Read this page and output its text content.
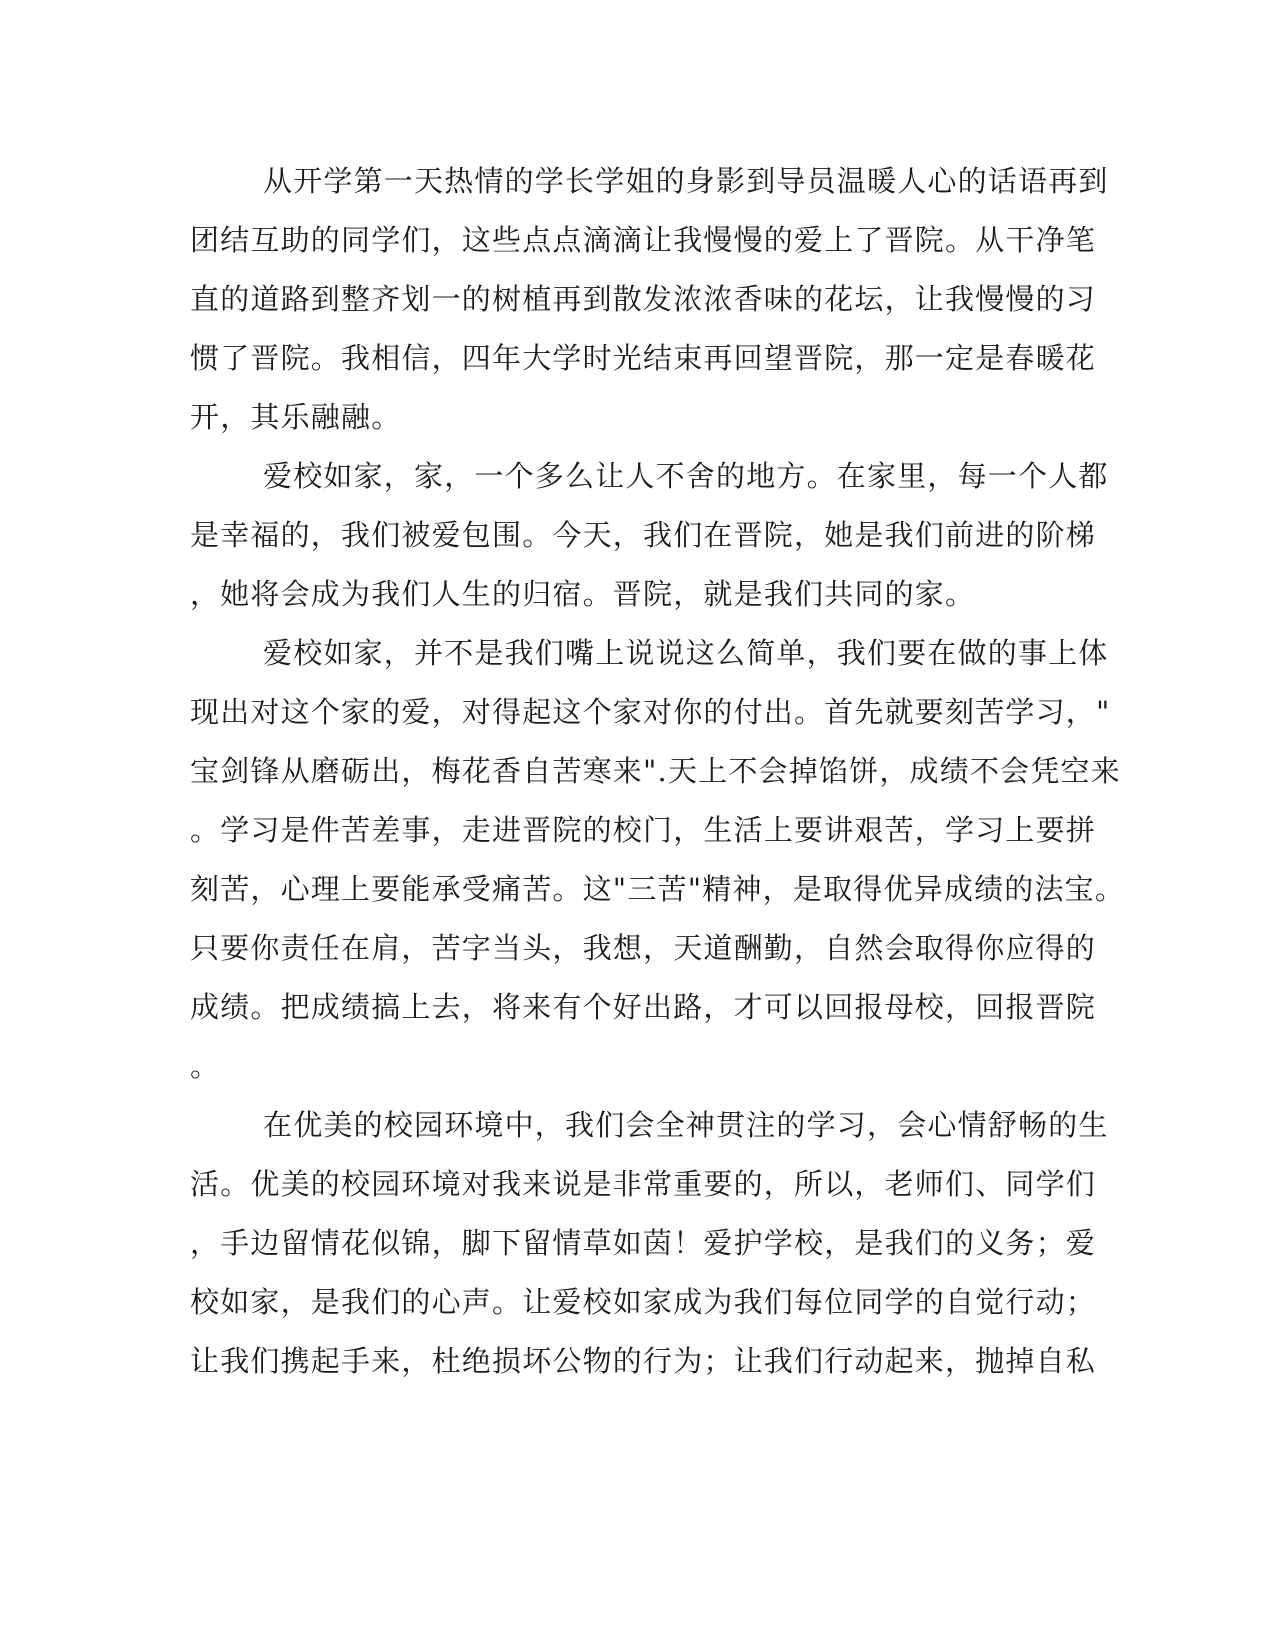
从开学第一天热情的学长学姐的身影到导员温暖人心的话语再到

团结互助的同学们，这些点点滴滴让我慢慢的爱上了晋院。从干净笔

直的道路到整齐划一的树植再到散发浓浓香味的花坛，让我慢慢的习

惯了晋院。我相信，四年大学时光结束再回望晋院，那一定是春暖花

开，其乐融融。

爱校如家，家，一个多么让人不舍的地方。在家里，每一个人都

是幸福的，我们被爱包围。今天，我们在晋院，她是我们前进的阶梯

，她将会成为我们人生的归宿。晋院，就是我们共同的家。

爱校如家，并不是我们嘴上说说这么简单，我们要在做的事上体

现出对这个家的爱，对得起这个家对你的付出。首先就要刻苦学习，"

宝剑锋从磨砺出，梅花香自苦寒来".天上不会掉馅饼，成绩不会凭空来

。学习是件苦差事，走进晋院的校门，生活上要讲艰苦，学习上要拼

刻苦，心理上要能承受痛苦。这"三苦"精神，是取得优异成绩的法宝。

只要你责任在肩，苦字当头，我想，天道酬勤，自然会取得你应得的

成绩。把成绩搞上去，将来有个好出路，才可以回报母校，回报晋院

。

在优美的校园环境中，我们会全神贯注的学习，会心情舒畅的生

活。优美的校园环境对我来说是非常重要的，所以，老师们、同学们

，手边留情花似锦，脚下留情草如茵！爱护学校，是我们的义务；爱

校如家，是我们的心声。让爱校如家成为我们每位同学的自觉行动；

让我们携起手来，杜绝损坏公物的行为；让我们行动起来，抛掉自私
